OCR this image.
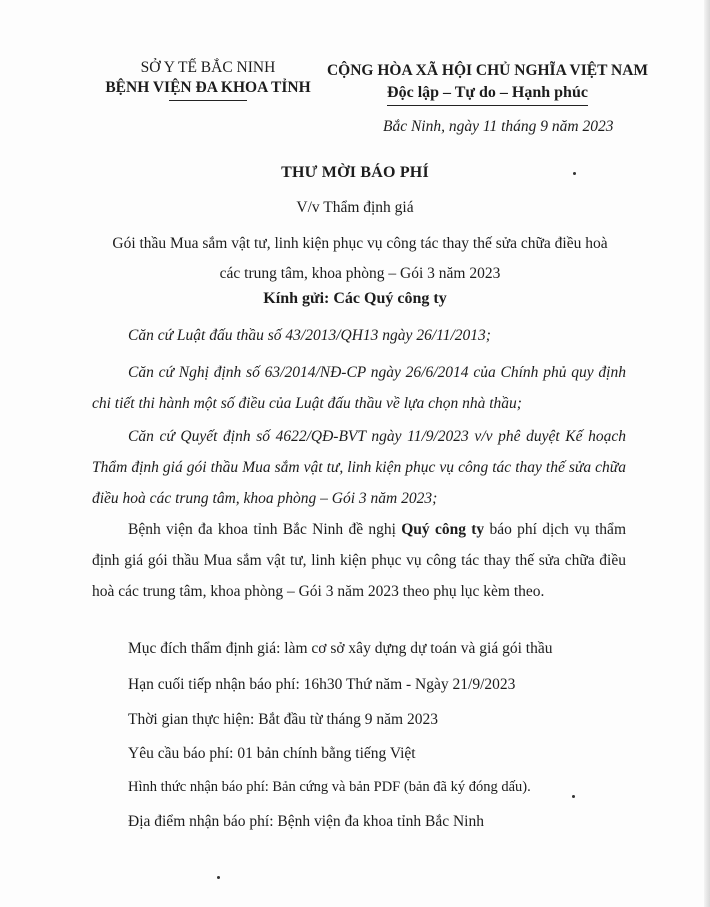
SỞ Y TẾ BẮC NINH
BỆNH VIỆN ĐA KHOA TỈNH
CỘNG HÒA XÃ HỘI CHỦ NGHĨA VIỆT NAM
Độc lập – Tự do – Hạnh phúc
Bắc Ninh, ngày 11 tháng 9 năm 2023
THƯ MỜI BÁO PHÍ
V/v Thẩm định giá
Gói thầu Mua sắm vật tư, linh kiện phục vụ công tác thay thế sửa chữa điều hoà
các trung tâm, khoa phòng – Gói 3 năm 2023
Kính gửi: Các Quý công ty
Căn cứ Luật đấu thầu số 43/2013/QH13 ngày 26/11/2013;
Căn cứ Nghị định số 63/2014/NĐ-CP ngày 26/6/2014 của Chính phủ quy định chi tiết thi hành một số điều của Luật đấu thầu về lựa chọn nhà thầu;
Căn cứ Quyết định số 4622/QĐ-BVT ngày 11/9/2023 v/v phê duyệt Kế hoạch Thẩm định giá gói thầu Mua sắm vật tư, linh kiện phục vụ công tác thay thế sửa chữa điều hoà các trung tâm, khoa phòng – Gói 3 năm 2023;
Bệnh viện đa khoa tỉnh Bắc Ninh đề nghị Quý công ty báo phí dịch vụ thẩm định giá gói thầu Mua sắm vật tư, linh kiện phục vụ công tác thay thế sửa chữa điều hoà các trung tâm, khoa phòng – Gói 3 năm 2023 theo phụ lục kèm theo.
Mục đích thẩm định giá: làm cơ sở xây dựng dự toán và giá gói thầu
Hạn cuối tiếp nhận báo phí: 16h30 Thứ năm - Ngày 21/9/2023
Thời gian thực hiện: Bắt đầu từ tháng 9 năm 2023
Yêu cầu báo phí: 01 bản chính bằng tiếng Việt
Hình thức nhận báo phí: Bản cứng và bản PDF (bản đã ký đóng dấu).
Địa điểm nhận báo phí: Bệnh viện đa khoa tỉnh Bắc Ninh
